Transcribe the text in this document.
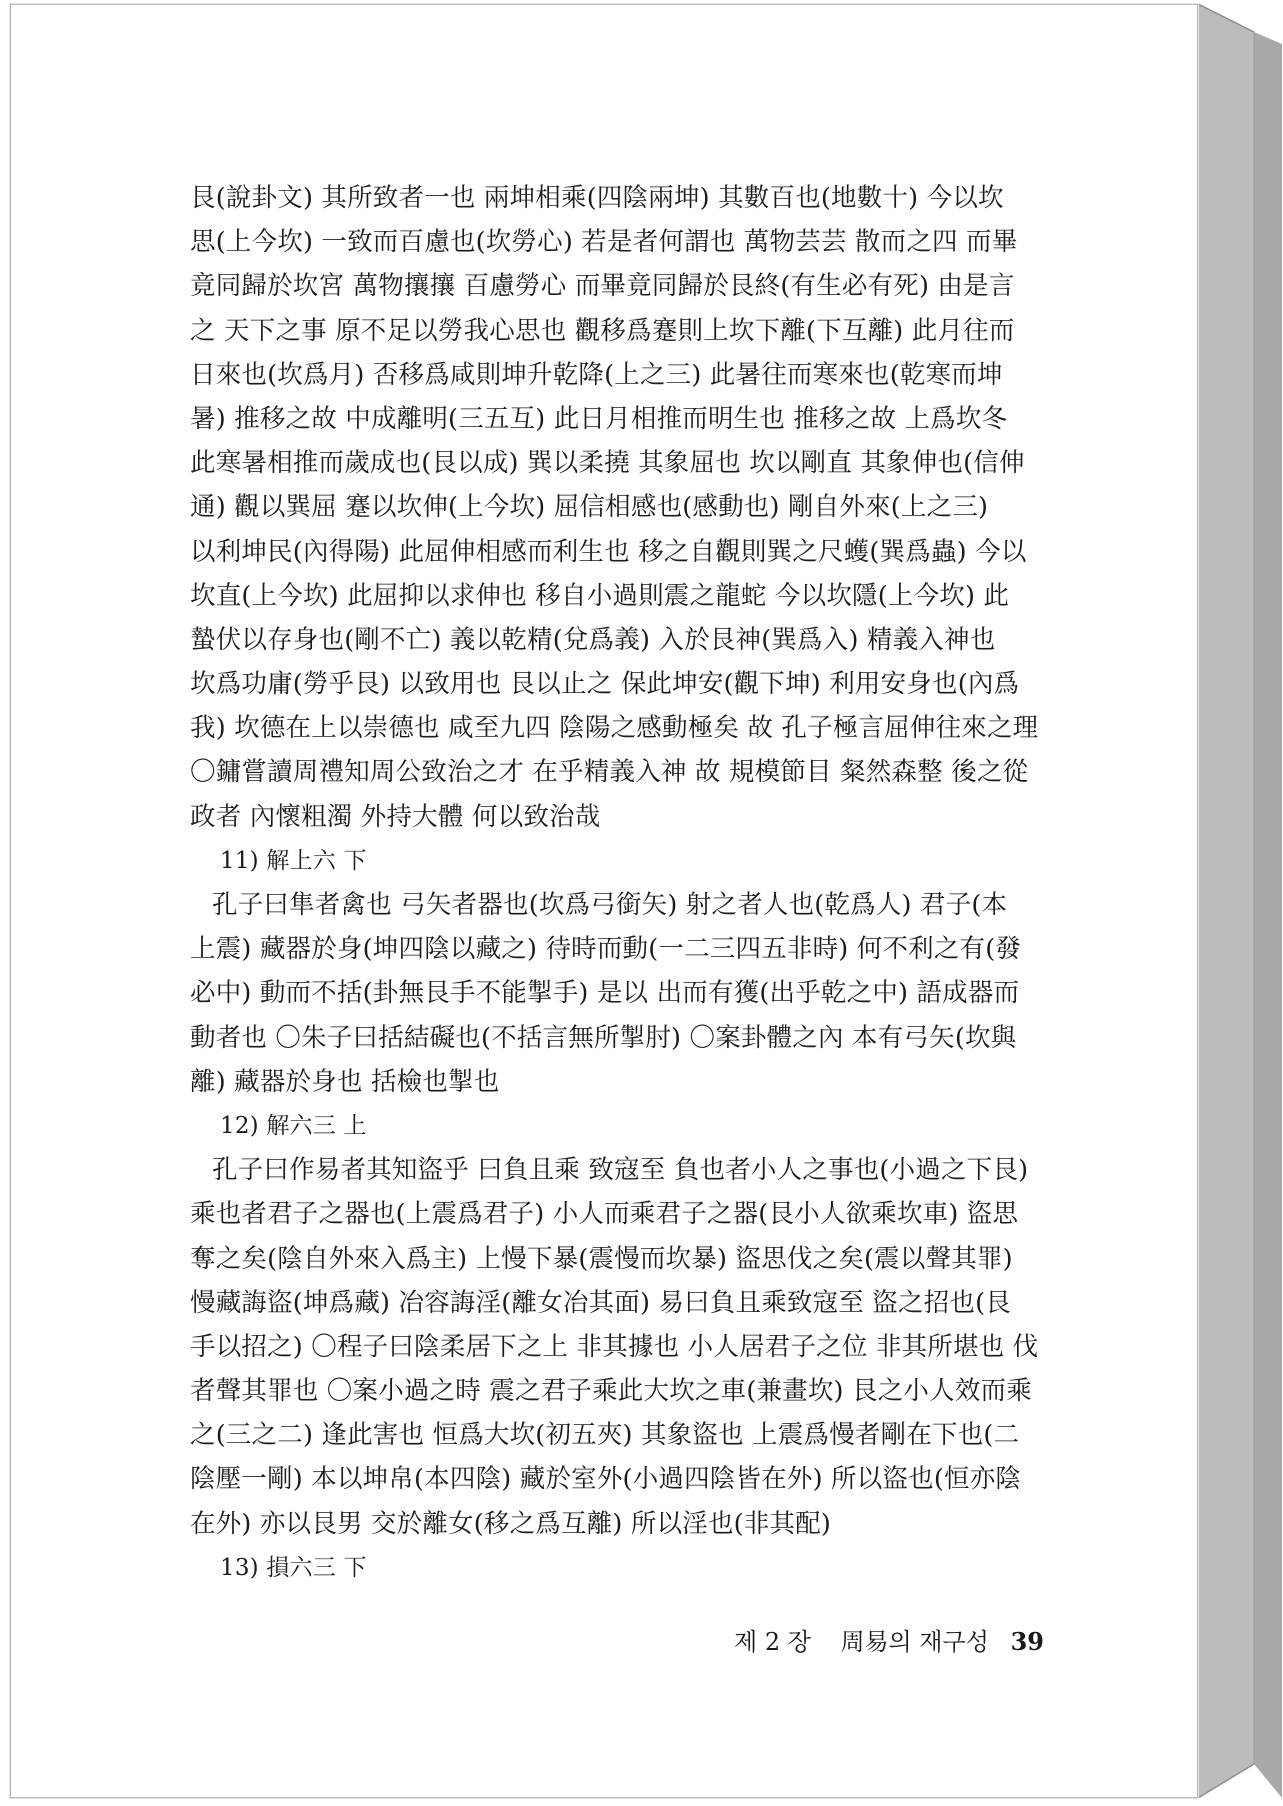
艮(說卦文) 其所致者一也 兩坤相乘(四陰兩坤) 其數百也(地數十) 今以坎
思(上今坎) 一致而百慮也(坎勞心) 若是者何謂也 萬物芸芸 散而之四 而畢
竟同歸於坎宮 萬物攘攘 百慮勞心 而畢竟同歸於艮終(有生必有死) 由是言
之 天下之事 原不足以勞我心思也 觀移爲蹇則上坎下離(下互離) 此月往而
日來也(坎爲月) 否移爲咸則坤升乾降(上之三) 此暑往而寒來也(乾寒而坤
暑) 推移之故 中成離明(三五互) 此日月相推而明生也 推移之故 上爲坎冬
此寒暑相推而歲成也(艮以成) 巽以柔撓 其象屈也 坎以剛直 其象伸也(信伸
通) 觀以巽屈 蹇以坎伸(上今坎) 屈信相感也(感動也) 剛自外來(上之三)
以利坤民(內得陽) 此屈伸相感而利生也 移之自觀則巽之尺蠖(巽爲蟲) 今以
坎直(上今坎) 此屈抑以求伸也 移自小過則震之龍蛇 今以坎隱(上今坎) 此
蟄伏以存身也(剛不亡) 義以乾精(兌爲義) 入於艮神(巽爲入) 精義入神也
坎爲功庸(勞乎艮) 以致用也 艮以止之 保此坤安(觀下坤) 利用安身也(內爲
我) 坎德在上以崇德也 咸至九四 陰陽之感動極矣 故 孔子極言屈伸往來之理
〇鏞嘗讀周禮知周公致治之才 在乎精義入神 故 規模節目 粲然森整 後之從
政者 內懷粗濁 外持大體 何以致治哉
11) 解上六 下
孔子曰隼者禽也 弓矢者器也(坎爲弓銜矢) 射之者人也(乾爲人) 君子(本
上震) 藏器於身(坤四陰以藏之) 待時而動(一二三四五非時) 何不利之有(發
必中) 動而不括(卦無艮手不能掣手) 是以 出而有獲(出乎乾之中) 語成器而
動者也 〇朱子曰括結礙也(不括言無所掣肘) 〇案卦體之內 本有弓矢(坎與
離) 藏器於身也 括檢也掣也
12) 解六三 上
孔子曰作易者其知盜乎 曰負且乘 致寇至 負也者小人之事也(小過之下艮)
乘也者君子之器也(上震爲君子) 小人而乘君子之器(艮小人欲乘坎車) 盜思
奪之矣(陰自外來入爲主) 上慢下暴(震慢而坎暴) 盜思伐之矣(震以聲其罪)
慢藏誨盜(坤爲藏) 冶容誨淫(離女冶其面) 易曰負且乘致寇至 盜之招也(艮
手以招之) 〇程子曰陰柔居下之上 非其據也 小人居君子之位 非其所堪也 伐
者聲其罪也 〇案小過之時 震之君子乘此大坎之車(兼畫坎) 艮之小人效而乘
之(三之二) 逢此害也 恒爲大坎(初五夾) 其象盜也 上震爲慢者剛在下也(二
陰壓一剛) 本以坤帛(本四陰) 藏於室外(小過四陰皆在外) 所以盜也(恒亦陰
在外) 亦以艮男 交於離女(移之爲互離) 所以淫也(非其配)
13) 損六三 下
제 2 장 周易의 재구성 39
